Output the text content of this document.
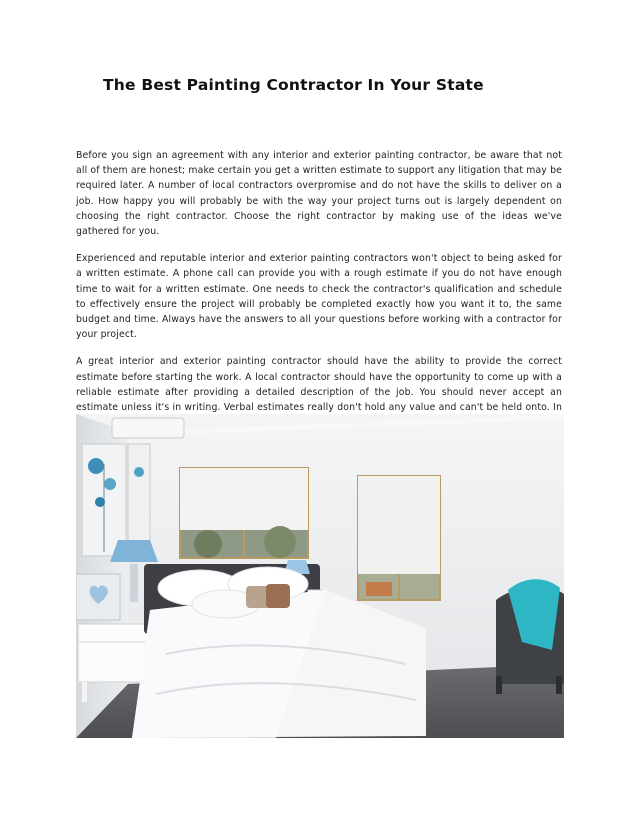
The Best Painting Contractor In Your State

Before you sign an agreement with any interior and exterior painting contractor, be aware that not all of them are honest; make certain you get a written estimate to support any litigation that may be required later. A number of local contractors overpromise and do not have the skills to deliver on a job. How happy you will probably be with the way your project turns out is largely dependent on choosing the right contractor. Choose the right contractor by making use of the ideas we've gathered for you.

Experienced and reputable interior and exterior painting contractors won't object to being asked for a written estimate. A phone call can provide you with a rough estimate if you do not have enough time to wait for a written estimate. One needs to check the contractor's qualification and schedule to effectively ensure the project will probably be completed exactly how you want it to, the same budget and time. Always have the answers to all your questions before working with a contractor for your project.

A great interior and exterior painting contractor should have the ability to provide the correct estimate before starting the work. A local contractor should have the opportunity to come up with a reliable estimate after providing a detailed description of the job. You should never accept an estimate unless it's in writing. Verbal estimates really don't hold any value and can't be held onto. In
